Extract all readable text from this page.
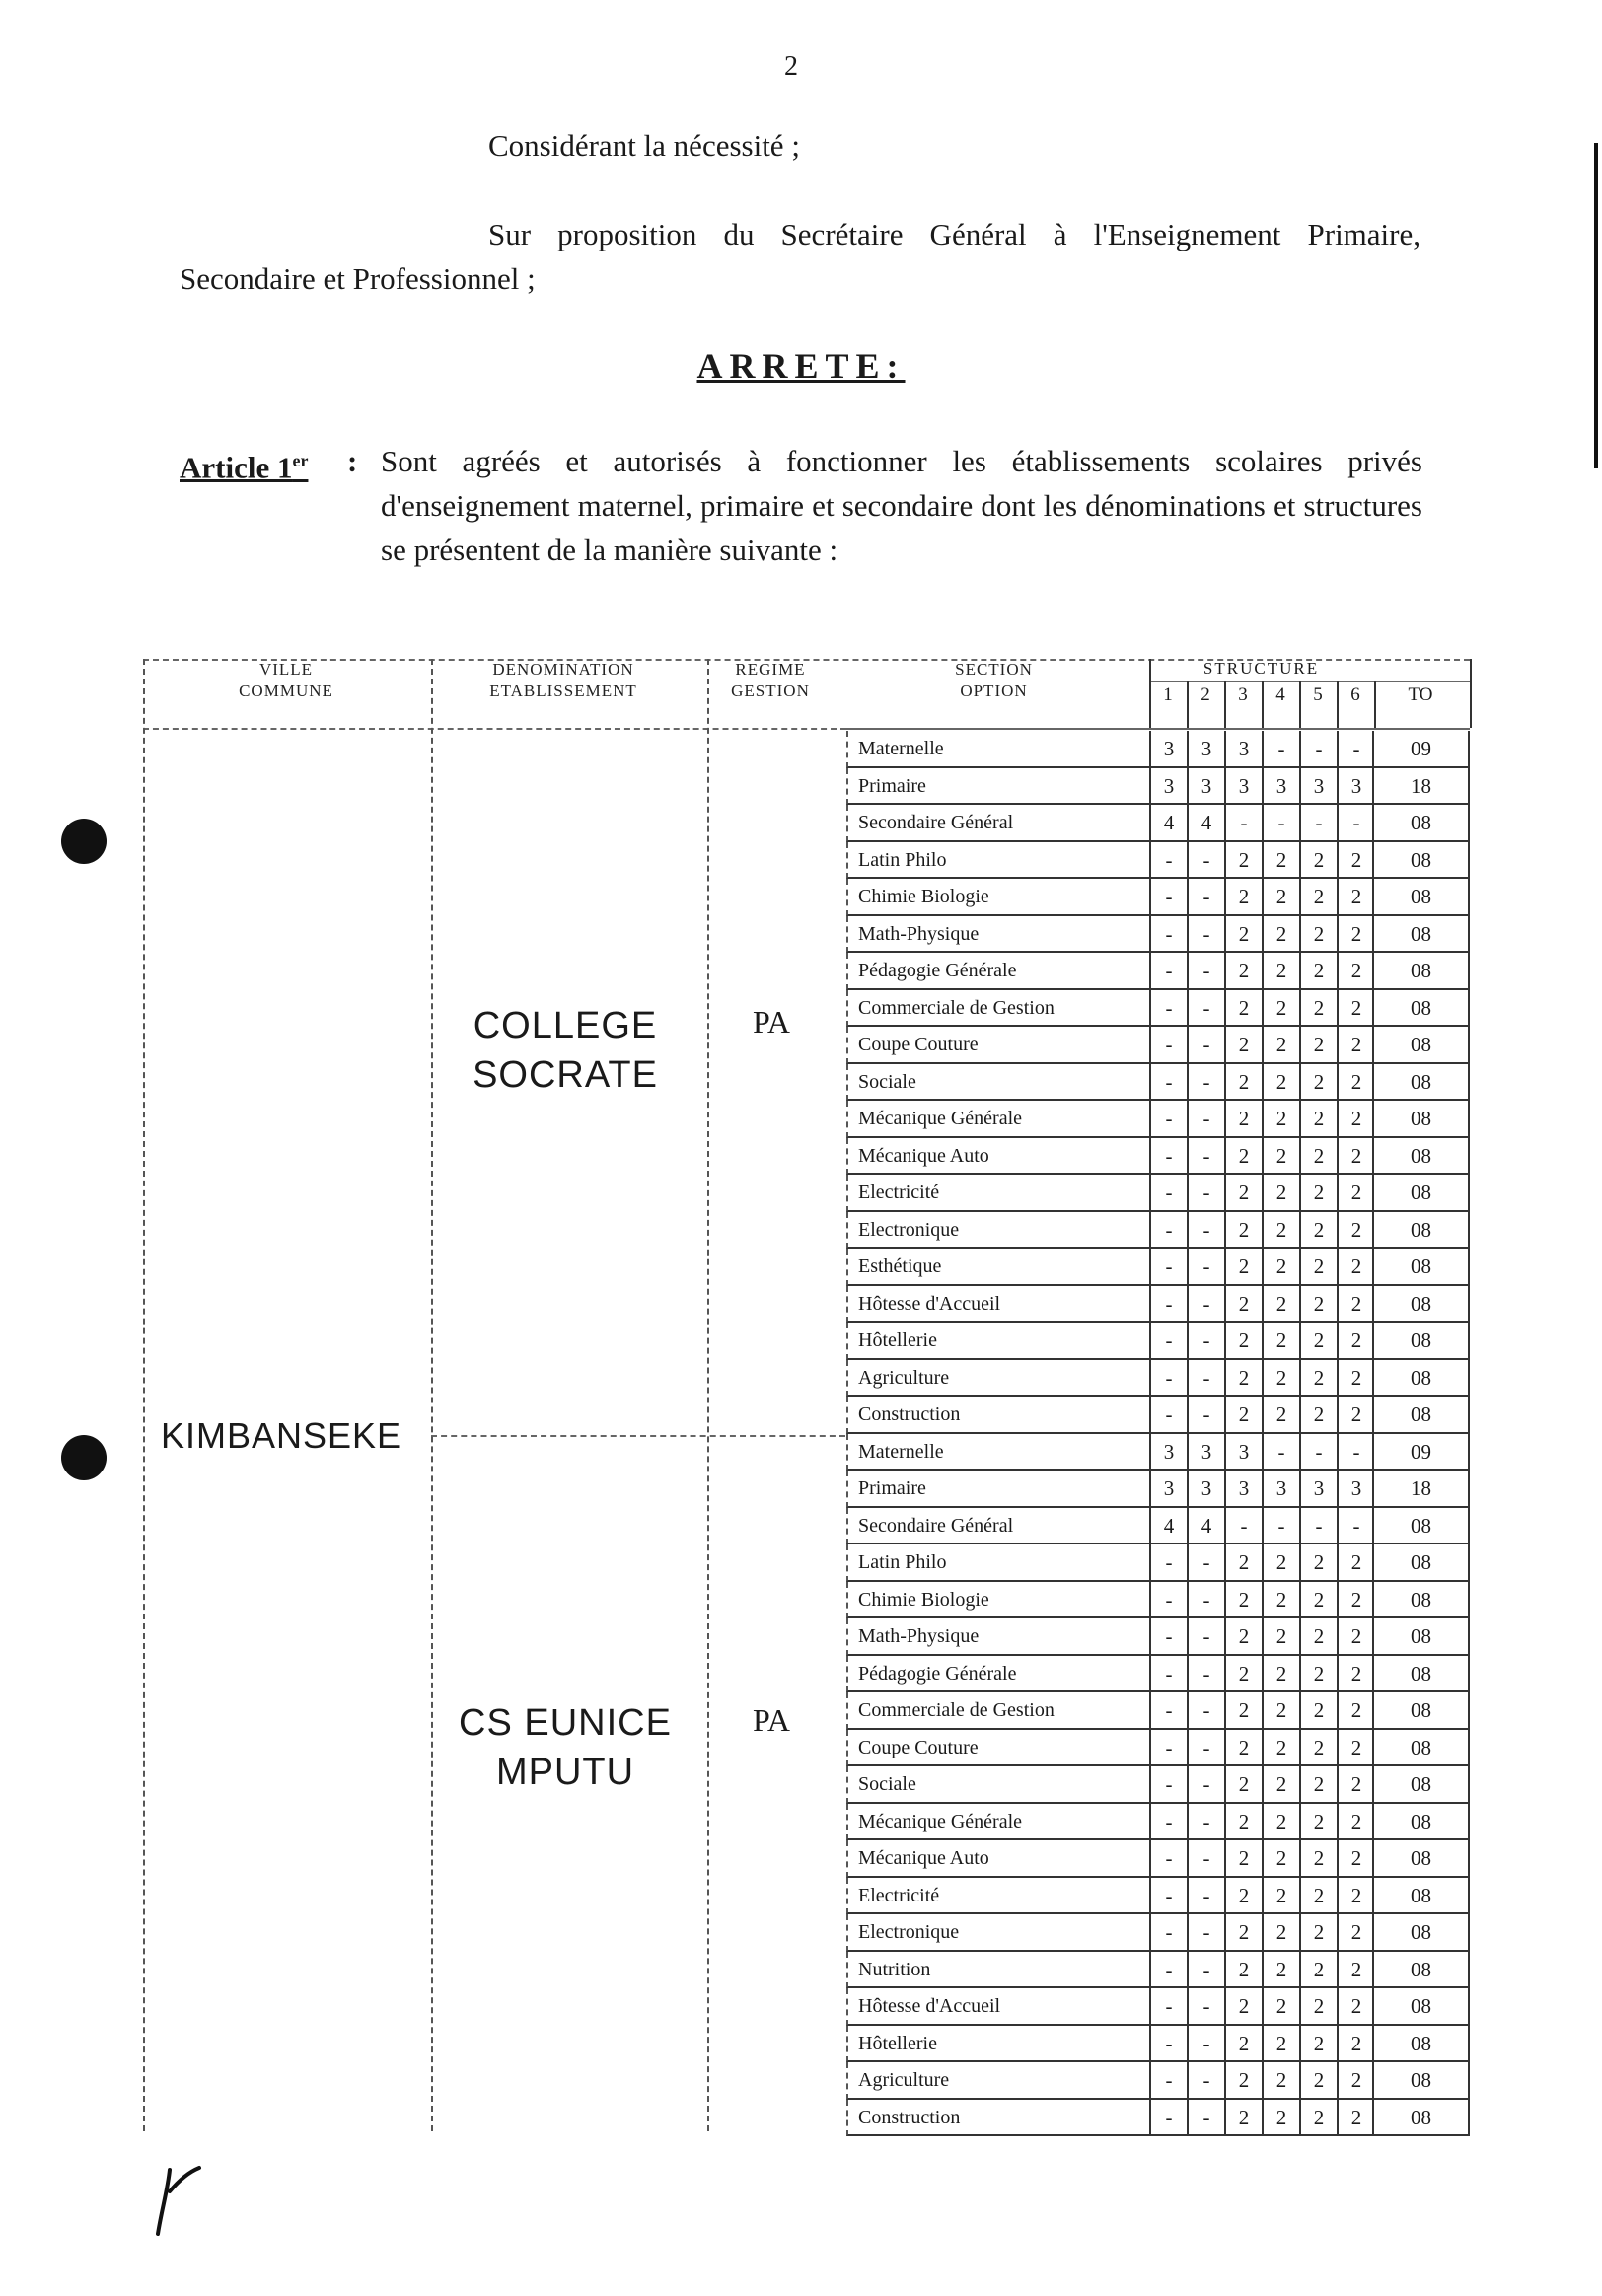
2
Considérant la nécessité ;
Sur proposition du Secrétaire Général à l'Enseignement Primaire, Secondaire et Professionnel ;
ARRETE:
Article 1er : Sont agréés et autorisés à fonctionner les établissements scolaires privés d'enseignement maternel, primaire et secondaire dont les dénominations et structures se présentent de la manière suivante :
VILLE
COMMUNE
DENOMINATION
ETABLISSEMENT
REGIME
GESTION
SECTION
OPTION
STRUCTURE
1	2	3	4	5	6	TO
KIMBANSEKE
COLLEGE
SOCRATE
PA
CS EUNICE
MPUTU
PA
Maternelle	3	3	3	-	-	-	09
Primaire	3	3	3	3	3	3	18
Secondaire Général	4	4	-	-	-	-	08
Latin Philo	-	-	2	2	2	2	08
Chimie Biologie	-	-	2	2	2	2	08
Math-Physique	-	-	2	2	2	2	08
Pédagogie Générale	-	-	2	2	2	2	08
Commerciale de Gestion	-	-	2	2	2	2	08
Coupe Couture	-	-	2	2	2	2	08
Sociale	-	-	2	2	2	2	08
Mécanique Générale	-	-	2	2	2	2	08
Mécanique Auto	-	-	2	2	2	2	08
Electricité	-	-	2	2	2	2	08
Electronique	-	-	2	2	2	2	08
Esthétique	-	-	2	2	2	2	08
Hôtesse d'Accueil	-	-	2	2	2	2	08
Hôtellerie	-	-	2	2	2	2	08
Agriculture	-	-	2	2	2	2	08
Construction	-	-	2	2	2	2	08
Maternelle	3	3	3	-	-	-	09
Primaire	3	3	3	3	3	3	18
Secondaire Général	4	4	-	-	-	-	08
Latin Philo	-	-	2	2	2	2	08
Chimie Biologie	-	-	2	2	2	2	08
Math-Physique	-	-	2	2	2	2	08
Pédagogie Générale	-	-	2	2	2	2	08
Commerciale de Gestion	-	-	2	2	2	2	08
Coupe Couture	-	-	2	2	2	2	08
Sociale	-	-	2	2	2	2	08
Mécanique Générale	-	-	2	2	2	2	08
Mécanique Auto	-	-	2	2	2	2	08
Electricité	-	-	2	2	2	2	08
Electronique	-	-	2	2	2	2	08
Nutrition	-	-	2	2	2	2	08
Hôtesse d'Accueil	-	-	2	2	2	2	08
Hôtellerie	-	-	2	2	2	2	08
Agriculture	-	-	2	2	2	2	08
Construction	-	-	2	2	2	2	08
